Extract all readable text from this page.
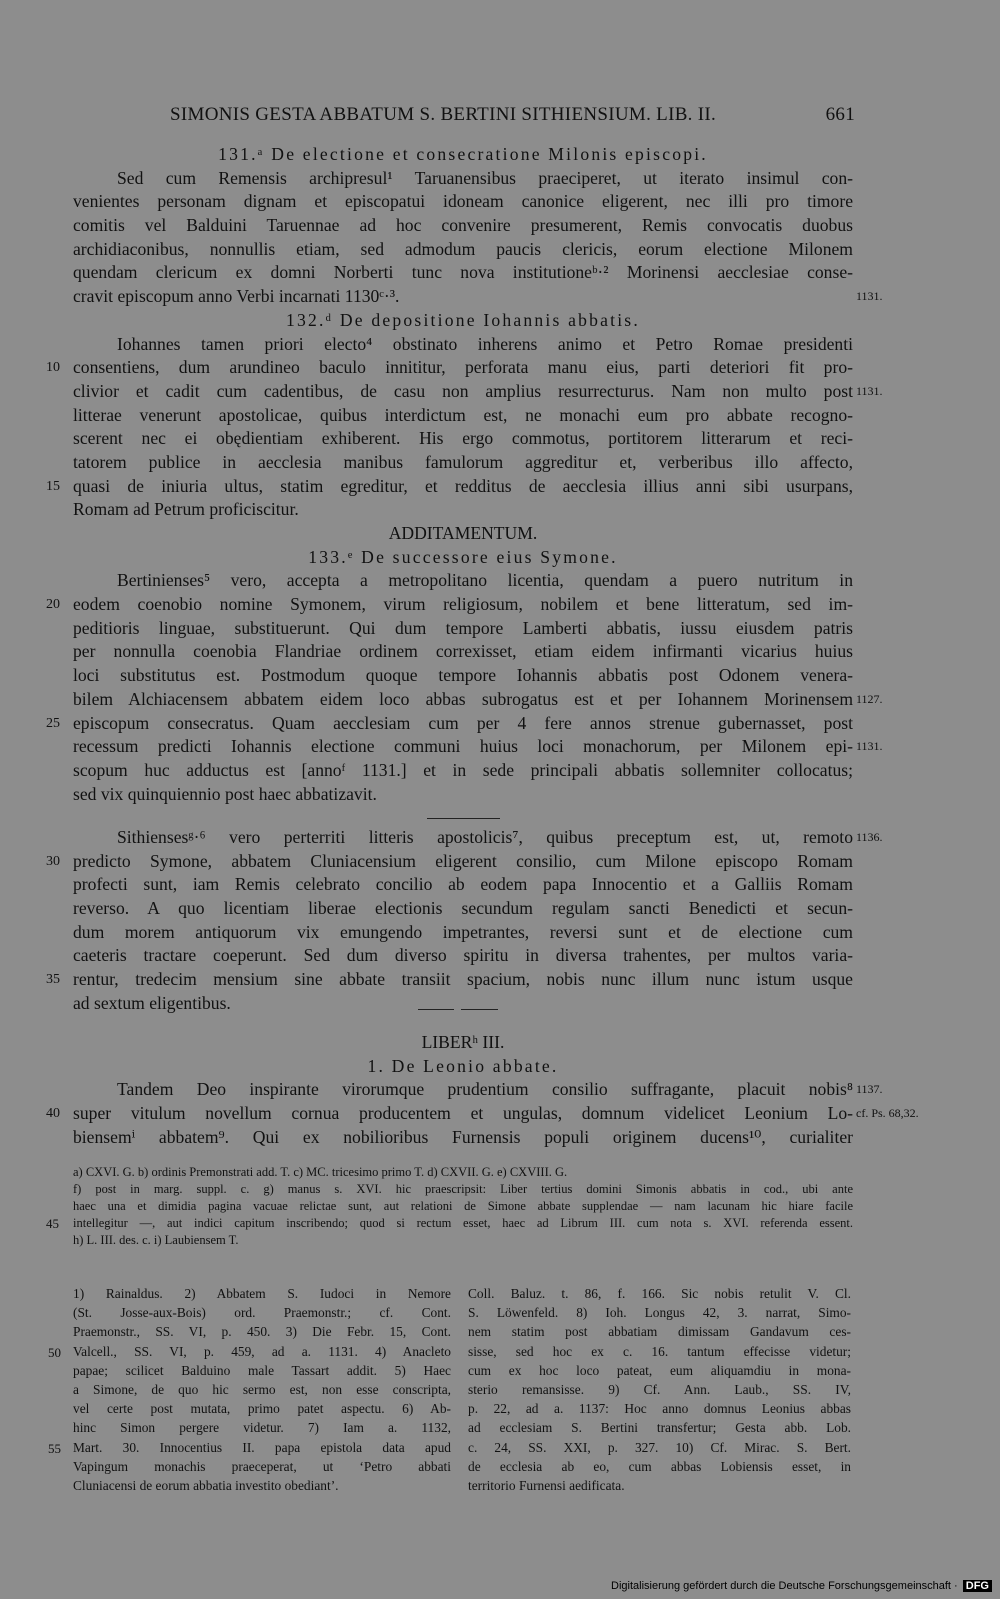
SIMONIS GESTA ABBATUM S. BERTINI SITHIENSIUM. LIB. II.	661
131.ᵃ De electione et consecratione Milonis episcopi.
Sed cum Remensis archipresul¹ Taruanensibus praeciperet, ut iterato insimul con-
venientes personam dignam et episcopatui idoneam canonice eligerent, nec illi pro timore
comitis vel Balduini Taruennae ad hoc convenire presumerent, Remis convocatis duobus
archidiaconibus, nonnullis etiam, sed admodum paucis clericis, eorum electione Milonem
quendam clericum ex domni Norberti tunc nova institutioneᵇ·² Morinensi aecclesiae conse-
cravit episcopum anno Verbi incarnati 1130ᶜ·³.	1131.
132.ᵈ De depositione Iohannis abbatis.
Iohannes tamen priori electo⁴ obstinato inherens animo et Petro Romae presidenti
10 consentiens, dum arundineo baculo innititur, perforata manu eius, parti deteriori fit pro-
clivior et cadit cum cadentibus, de casu non amplius resurrecturus. Nam non multo post 1131.
litterae venerunt apostolicae, quibus interdictum est, ne monachi eum pro abbate recogno-
scerent nec ei obędientiam exhiberent. His ergo commotus, portitorem litterarum et reci-
tatorem publice in aecclesia manibus famulorum aggreditur et, verberibus illo affecto,
15 quasi de iniuria ultus, statim egreditur, et redditus de aecclesia illius anni sibi usurpans,
Romam ad Petrum proficiscitur.
ADDITAMENTUM.
133.ᵉ De successore eius Symone.
Bertinienses⁵ vero, accepta a metropolitano licentia, quendam a puero nutritum in
20 eodem coenobio nomine Symonem, virum religiosum, nobilem et bene litteratum, sed im-
peditioris linguae, substituerunt. Qui dum tempore Lamberti abbatis, iussu eiusdem patris
per nonnulla coenobia Flandriae ordinem correxisset, etiam eidem infirmanti vicarius huius
loci substitutus est. Postmodum quoque tempore Iohannis abbatis post Odonem venera-
bilem Alchiacensem abbatem eidem loco abbas subrogatus est et per Iohannem Morinensem 1127.
25 episcopum consecratus. Quam aecclesiam cum per 4 fere annos strenue gubernasset, post
recessum predicti Iohannis electione communi huius loci monachorum, per Milonem epi- 1131.
scopum huc adductus est [annoᶠ 1131.] et in sede principali abbatis sollemniter collocatus;
sed vix quinquiennio post haec abbatizavit.
Sithiensesᵍ·⁶ vero perterriti litteris apostolicis⁷, quibus preceptum est, ut, remoto 1136.
30 predicto Symone, abbatem Cluniacensium eligerent consilio, cum Milone episcopo Romam
profecti sunt, iam Remis celebrato concilio ab eodem papa Innocentio et a Galliis Romam
reverso. A quo licentiam liberae electionis secundum regulam sancti Benedicti et secun-
dum morem antiquorum vix emungendo impetrantes, reversi sunt et de electione cum
caeteris tractare coeperunt. Sed dum diverso spiritu in diversa trahentes, per multos varia-
35 rentur, tredecim mensium sine abbate transiit spacium, nobis nunc illum nunc istum usque
ad sextum eligentibus.
LIBERʰ III.
1. De Leonio abbate.
Tandem Deo inspirante virorumque prudentium consilio suffragante, placuit nobis⁸ 1137.
40 super vitulum novellum cornua producentem et ungulas, domnum videlicet Leonium Lo- cf. Ps. 68,32.
biensemⁱ abbatem⁹. Qui ex nobilioribus Furnensis populi originem ducens¹⁰, curialiter
a) CXVI. G. b) ordinis Premonstrati add. T. c) MC. tricesimo primo T. d) CXVII. G. e) CXVIII. G.
f) post in marg. suppl. c. g) manus s. XVI. hic praescripsit: Liber tertius domini Simonis abbatis in cod., ubi ante
haec una et dimidia pagina vacuae relictae sunt, aut relationi de Simone abbate supplendae — nam lacunam hic hiare facile
45 intellegitur —, aut indici capitum inscribendo; quod si rectum esset, haec ad Librum III. cum nota s. XVI. referenda essent.
h) L. III. des. c. i) Laubiensem T.
1) Rainaldus. 2) Abbatem S. Iudoci in Nemore
(St. Josse-aux-Bois) ord. Praemonstr.; cf. Cont.
Praemonstr., SS. VI, p. 450. 3) Die Febr. 15, Cont.
Valcell., SS. VI, p. 459, ad a. 1131. 4) Anacleto
papae; scilicet Balduino male Tassart addit. 5) Haec
a Simone, de quo hic sermo est, non esse conscripta,
vel certe post mutata, primo patet aspectu. 6) Ab-
hinc Simon pergere videtur. 7) Iam a. 1132,
Mart. 30. Innocentius II. papa epistola data apud
Vapingum monachis praeceperat, ut ‘Petro abbati
Cluniacensi de eorum abbatia investito obediant’.
50
55
Coll. Baluz. t. 86, f. 166. Sic nobis retulit V. Cl.
S. Löwenfeld. 8) Ioh. Longus 42, 3. narrat, Simo-
nem statim post abbatiam dimissam Gandavum ces-
sisse, sed hoc ex c. 16. tantum effecisse videtur;
cum ex hoc loco pateat, eum aliquamdiu in mona-
sterio remansisse. 9) Cf. Ann. Laub., SS. IV,
p. 22, ad a. 1137: Hoc anno domnus Leonius abbas
ad ecclesiam S. Bertini transfertur; Gesta abb. Lob.
c. 24, SS. XXI, p. 327. 10) Cf. Mirac. S. Bert.
de ecclesia ab eo, cum abbas Lobiensis esset, in
territorio Furnensi aedificata.
Digitalisierung gefördert durch die Deutsche Forschungsgemeinschaft · DFG
